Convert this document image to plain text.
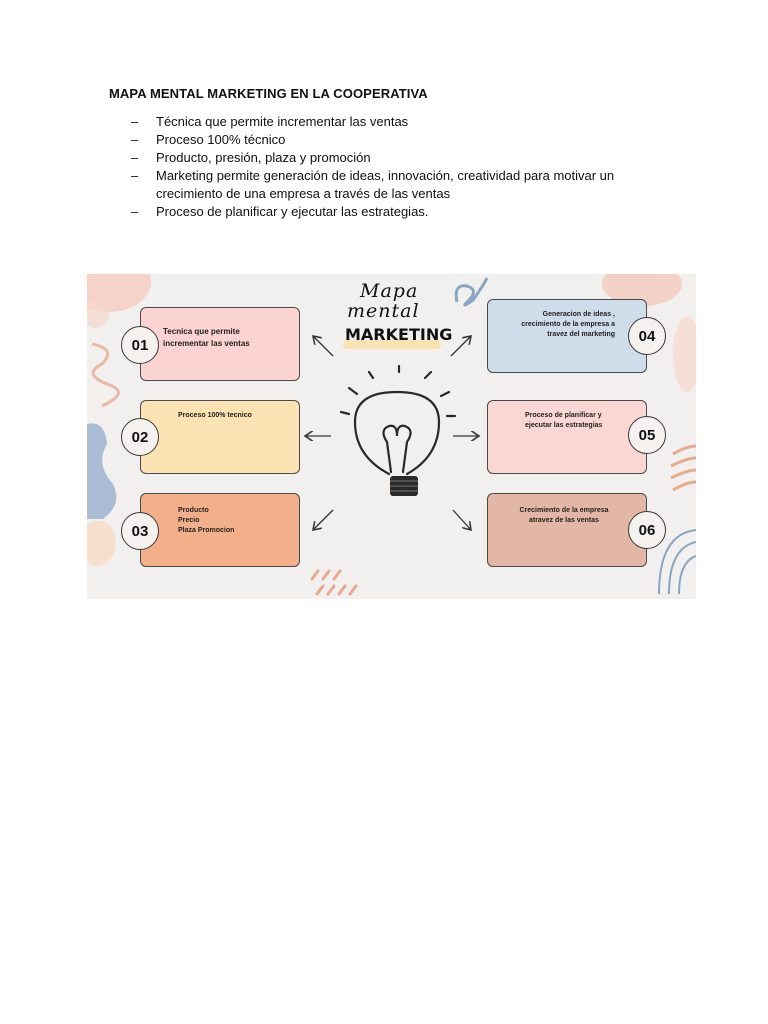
MAPA MENTAL MARKETING EN LA COOPERATIVA
– Técnica que permite incrementar las ventas
– Proceso 100% técnico
– Producto, presión, plaza y promoción
– Marketing permite generación de ideas, innovación, creatividad para motivar un crecimiento de una empresa a través de las ventas
– Proceso de planificar y ejecutar las estrategias.
Mapa
mental
MARKETING
Tecnica que permite
incrementar las ventas
01
Proceso 100% tecnico
02
Producto
Precio
Plaza Promocion
03
Generacion de ideas ,
crecimiento de la empresa a
travez del marketing	04
Proceso de planificar y
ejecutar las estrategias
05
Crecimiento de la empresa
atravez de las ventas
06
